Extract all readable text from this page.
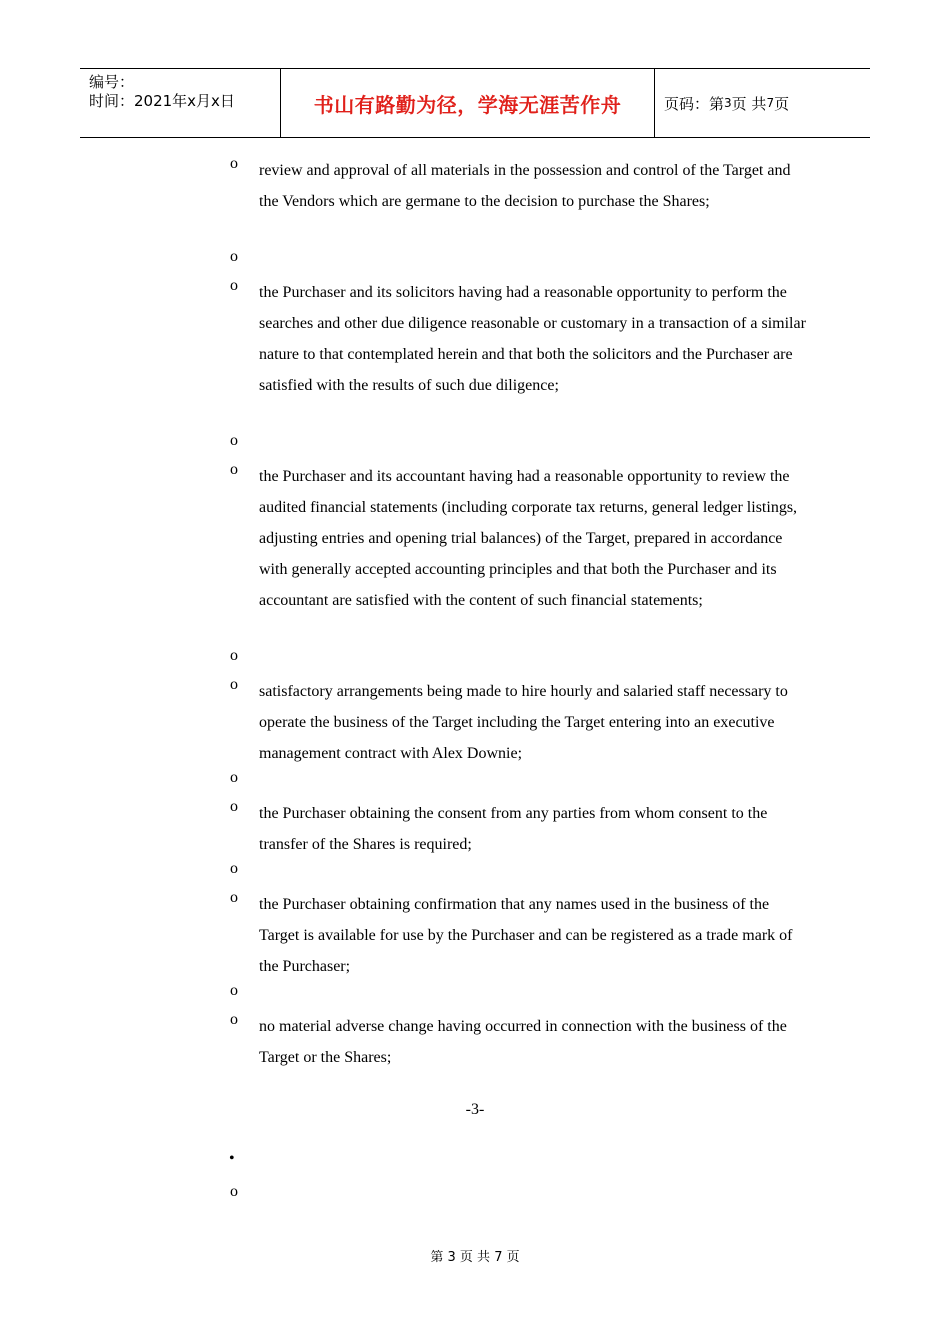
编号：
时间：2021年x月x日	书山有路勤为径，学海无涯苦作舟	页码：第 3 页 共 7 页
o	review and approval of all materials in the possession and control of the Target and the Vendors which are germane to the decision to purchase the Shares;
o
o	the Purchaser and its solicitors having had a reasonable opportunity to perform the searches and other due diligence reasonable or customary in a transaction of a similar nature to that contemplated herein and that both the solicitors and the Purchaser are satisfied with the results of such due diligence;
o
o	the Purchaser and its accountant having had a reasonable opportunity to review the audited financial statements (including corporate tax returns, general ledger listings, adjusting entries and opening trial balances) of the Target, prepared in accordance with generally accepted accounting principles and that both the Purchaser and its accountant are satisfied with the content of such financial statements;
o
o	satisfactory arrangements being made to hire hourly and salaried staff necessary to operate the business of the Target including the Target entering into an executive management contract with Alex Downie;
o
o	the Purchaser obtaining the consent from any parties from whom consent to the transfer of the Shares is required;
o
o	the Purchaser obtaining confirmation that any names used in the business of the Target is available for use by the Purchaser and can be registered as a trade mark of the Purchaser;
o
o	no material adverse change having occurred in connection with the business of the Target or the Shares;
-3-
•
o
第 3 页 共 7 页
